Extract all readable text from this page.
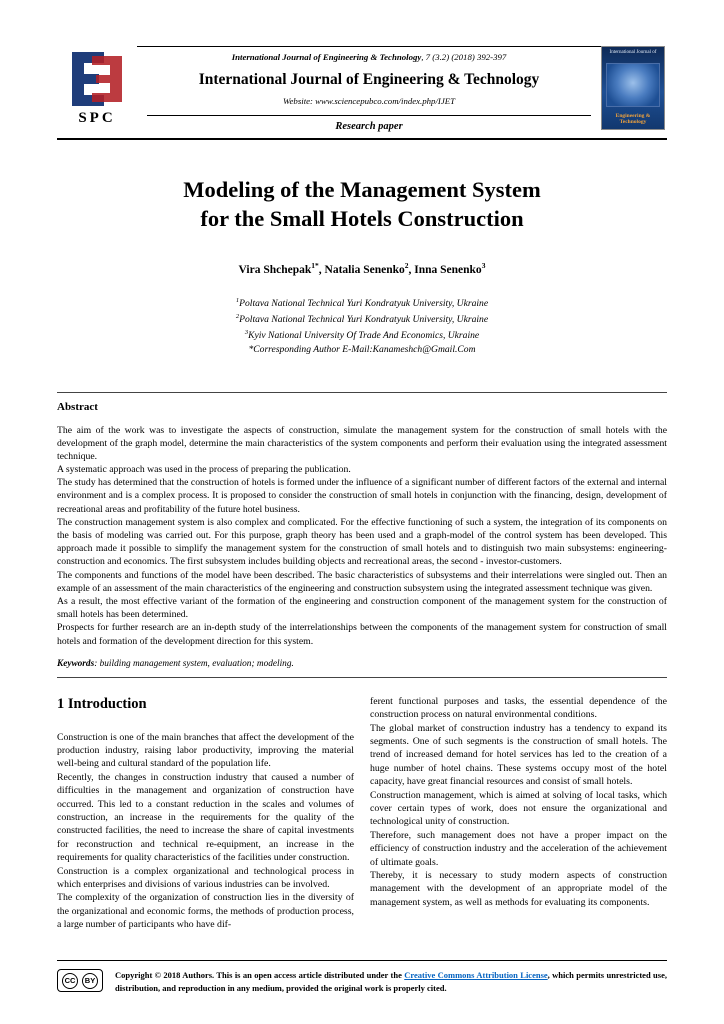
SPC
International Journal of Engineering & Technology, 7 (3.2) (2018) 392-397
International Journal of Engineering & Technology
Website: www.sciencepubco.com/index.php/IJET
Research paper
International Journal of
Engineering & Technology
Modeling of the Management System
for the Small Hotels Construction
Vira Shchepak$^{1*}$, Natalia Senenko$^2$, Inna Senenko$^3$
$^1$Poltava National Technical Yuri Kondratyuk University, Ukraine
$^2$Poltava National Technical Yuri Kondratyuk University, Ukraine
$^3$Kyiv National University Of Trade And Economics, Ukraine
*Corresponding Author E-Mail:Kanameshch@Gmail.Com
Abstract

The aim of the work was to investigate the aspects of construction, simulate the management system for the construction of small hotels with the development of the graph model, determine the main characteristics of the system components and perform their evaluation using the integrated assessment technique.

A systematic approach was used in the process of preparing the publication.

The study has determined that the construction of hotels is formed under the influence of a significant number of different factors of the external and internal environment and is a complex process. It is proposed to consider the construction of small hotels in conjunction with the financing, design, development of recreational areas and profitability of the future hotel business.

The construction management system is also complex and complicated. For the effective functioning of such a system, the integration of its components on the basis of modeling was carried out. For this purpose, graph theory has been used and a graph-model of the control system has been developed. This approach made it possible to simplify the management system for the construction of small hotels and to distinguish two main subsystems: engineering-construction and economics. The first subsystem includes building objects and recreational areas, the second - investor-customers.

The components and functions of the model have been described. The basic characteristics of subsystems and their interrelations were singled out. Then an example of an assessment of the main characteristics of the engineering and construction subsystem using the integrated assessment technique was given.

As a result, the most effective variant of the formation of the engineering and construction component of the management system for the construction of small hotels has been determined.

Prospects for further research are an in-depth study of the interrelationships between the components of the management system for construction of small hotels and formation of the development direction for this system.

Keywords: building management system, evaluation; modeling.
1 Introduction

Construction is one of the main branches that affect the development of the production industry, raising labor productivity, improving the material well-being and cultural standard of the population life.

Recently, the changes in construction industry that caused a number of difficulties in the management and organization of construction have occurred. This led to a constant reduction in the scales and volumes of construction, an increase in the requirements for the quality of the constructed facilities, the need to increase the share of capital investments for reconstruction and technical re-equipment, an increase in the requirements for quality characteristics of the facilities under construction.

Construction is a complex organizational and technological process in which enterprises and divisions of various industries can be involved.

The complexity of the organization of construction lies in the diversity of the organizational and economic forms, the methods of production process, a large number of participants who have dif-

ferent functional purposes and tasks, the essential dependence of the construction process on natural environmental conditions.

The global market of construction industry has a tendency to expand its segments. One of such segments is the construction of small hotels. The trend of increased demand for hotel services has led to the creation of a huge number of hotel chains. These systems occupy most of the hotel capacity, have great financial resources and consist of small hotels.

Construction management, which is aimed at solving of local tasks, which cover certain types of work, does not ensure the organizational and technological unity of construction.

Therefore, such management does not have a proper impact on the efficiency of construction industry and the acceleration of the achievement of ultimate goals.

Thereby, it is necessary to study modern aspects of construction management with the development of an appropriate model of the management system, as well as methods for evaluating its components.

CC	BY
Copyright © 2018 Authors. This is an open access article distributed under the Creative Commons Attribution License, which permits unrestricted use, distribution, and reproduction in any medium, provided the original work is properly cited.
